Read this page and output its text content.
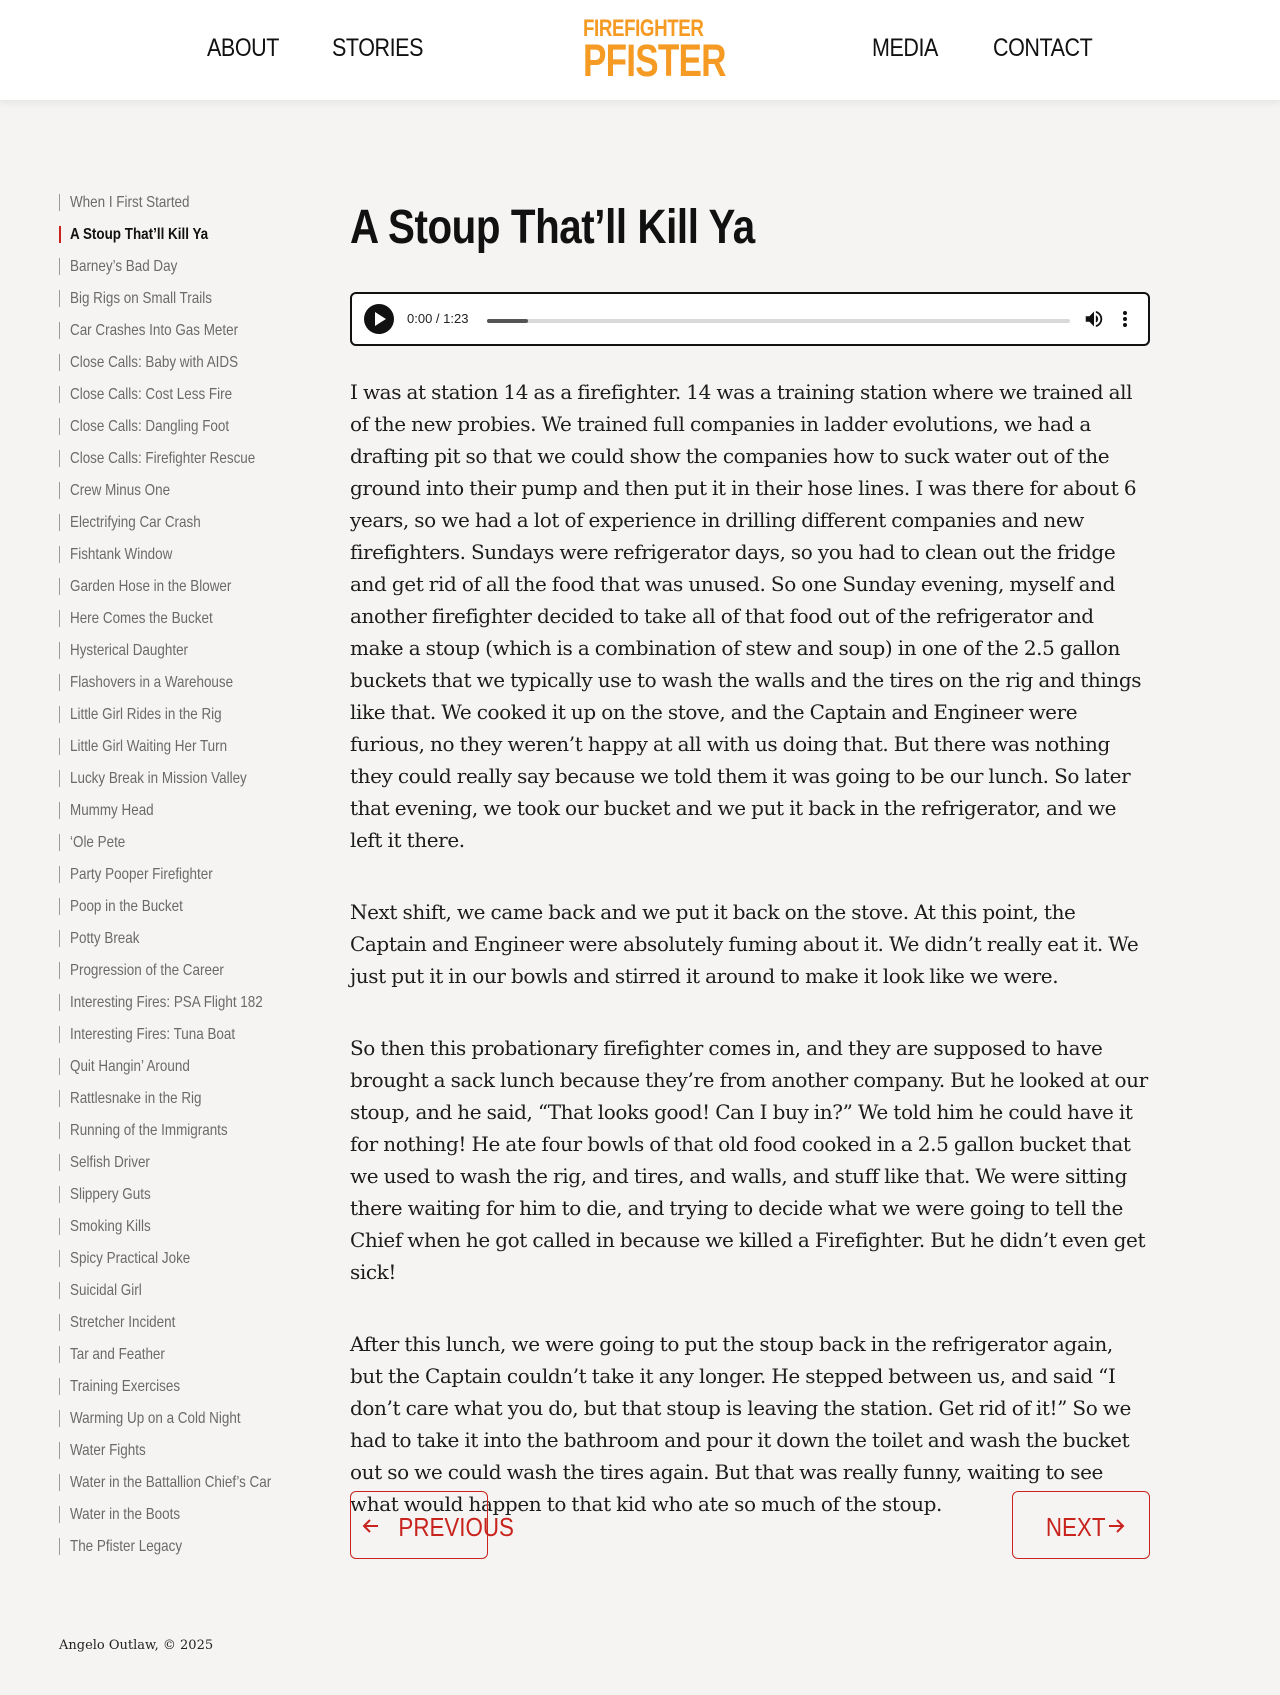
ABOUT STORIES
FIREFIGHTER
PFISTER	MEDIA CONTACT
When I First Started
A Stoup That’ll Kill Ya
Barney’s Bad Day
Big Rigs on Small Trails
Car Crashes Into Gas Meter
Close Calls: Baby with AIDS
Close Calls: Cost Less Fire
Close Calls: Dangling Foot
Close Calls: Firefighter Rescue
Crew Minus One
Electrifying Car Crash
Fishtank Window
Garden Hose in the Blower
Here Comes the Bucket
Hysterical Daughter
Flashovers in a Warehouse
Little Girl Rides in the Rig
Little Girl Waiting Her Turn
Lucky Break in Mission Valley
Mummy Head
‘Ole Pete
Party Pooper Firefighter
Poop in the Bucket
Potty Break
Progression of the Career
Interesting Fires: PSA Flight 182
Interesting Fires: Tuna Boat
Quit Hangin’ Around
Rattlesnake in the Rig
Running of the Immigrants
Selfish Driver
Slippery Guts
Smoking Kills
Spicy Practical Joke
Suicidal Girl
Stretcher Incident
Tar and Feather
Training Exercises
Warming Up on a Cold Night
Water Fights
Water in the Battallion Chief’s Car
Water in the Boots
The Pfister Legacy
A Stoup That’ll Kill Ya
0:00 / 1:23

I was at station 14 as a firefighter. 14 was a training station where we trained all of the new probies. We trained full companies in ladder evolutions, we had a drafting pit so that we could show the companies how to suck water out of the ground into their pump and then put it in their hose lines. I was there for about 6 years, so we had a lot of experience in drilling different companies and new firefighters. Sundays were refrigerator days, so you had to clean out the fridge and get rid of all the food that was unused. So one Sunday evening, myself and another firefighter decided to take all of that food out of the refrigerator and make a stoup (which is a combination of stew and soup) in one of the 2.5 gallon buckets that we typically use to wash the walls and the tires on the rig and things like that. We cooked it up on the stove, and the Captain and Engineer were furious, no they weren’t happy at all with us doing that. But there was nothing they could really say because we told them it was going to be our lunch. So later that evening, we took our bucket and we put it back in the refrigerator, and we left it there.

Next shift, we came back and we put it back on the stove. At this point, the Captain and Engineer were absolutely fuming about it. We didn’t really eat it. We just put it in our bowls and stirred it around to make it look like we were.

So then this probationary firefighter comes in, and they are supposed to have brought a sack lunch because they’re from another company. But he looked at our stoup, and he said, “That looks good! Can I buy in?” We told him he could have it for nothing! He ate four bowls of that old food cooked in a 2.5 gallon bucket that we used to wash the rig, and tires, and walls, and stuff like that. We were sitting there waiting for him to die, and trying to decide what we were going to tell the Chief when he got called in because we killed a Firefighter. But he didn’t even get sick!

After this lunch, we were going to put the stoup back in the refrigerator again, but the Captain couldn’t take it any longer. He stepped between us, and said “I don’t care what you do, but that stoup is leaving the station. Get rid of it!” So we had to take it into the bathroom and pour it down the toilet and wash the bucket out so we could wash the tires again. But that was really funny, waiting to see what would happen to that kid who ate so much of the stoup.

PREVIOUS	NEXT
Angelo Outlaw, © 2025
